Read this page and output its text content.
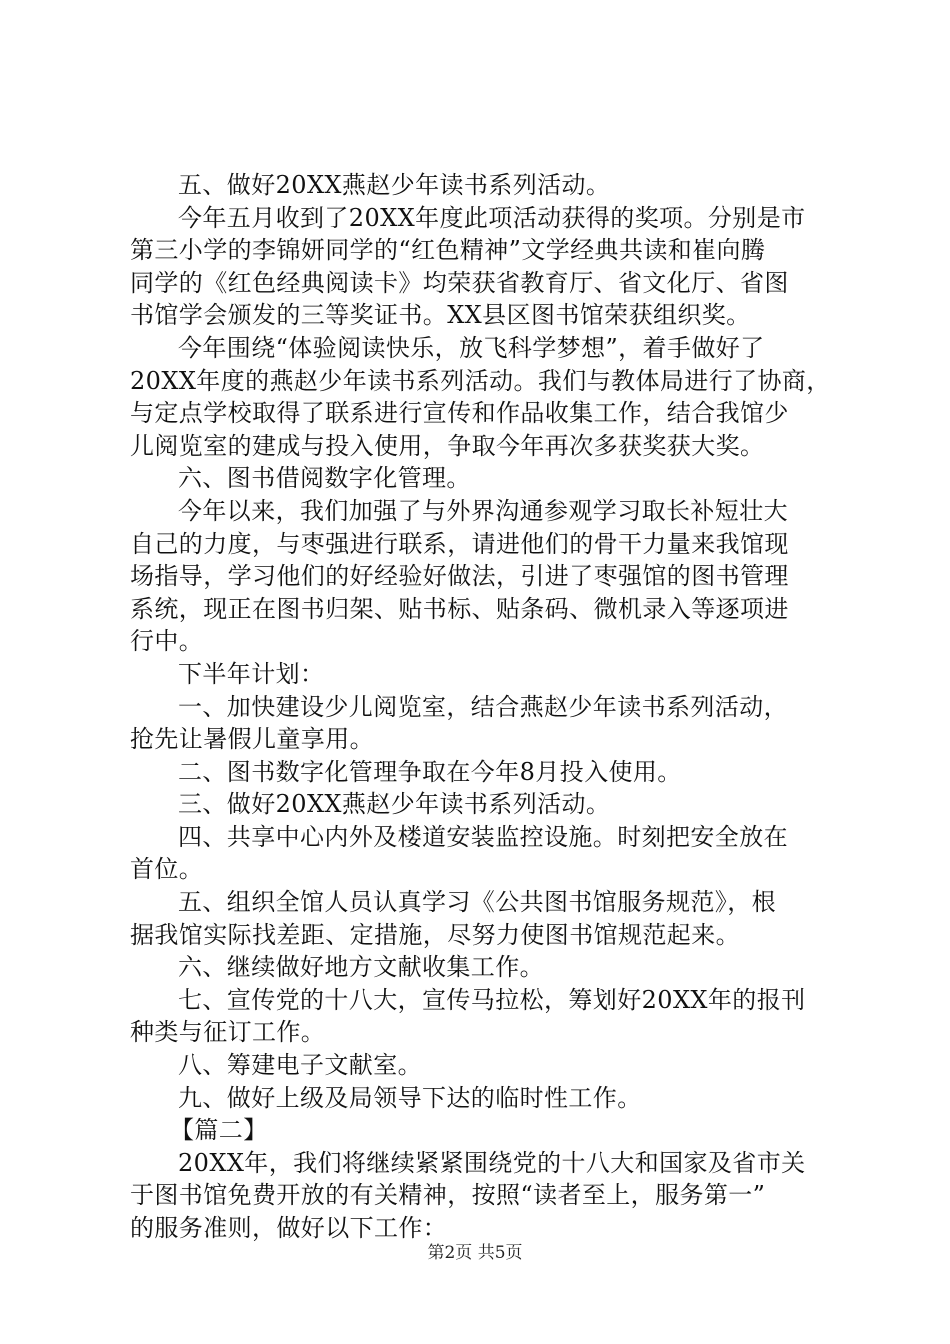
五、做好20XX燕赵少年读书系列活动。
今年五月收到了20XX年度此项活动获得的奖项。分别是市
第三小学的李锦妍同学的“红色精神”文学经典共读和崔向腾
同学的《红色经典阅读卡》均荣获省教育厅、省文化厅、省图
书馆学会颁发的三等奖证书。XX县区图书馆荣获组织奖。
今年围绕“体验阅读快乐，放飞科学梦想”，着手做好了
20XX年度的燕赵少年读书系列活动。我们与教体局进行了协商，
与定点学校取得了联系进行宣传和作品收集工作，结合我馆少
儿阅览室的建成与投入使用，争取今年再次多获奖获大奖。
六、图书借阅数字化管理。
今年以来，我们加强了与外界沟通参观学习取长补短壮大
自己的力度，与枣强进行联系，请进他们的骨干力量来我馆现
场指导，学习他们的好经验好做法，引进了枣强馆的图书管理
系统，现正在图书归架、贴书标、贴条码、微机录入等逐项进
行中。
下半年计划：
一、加快建设少儿阅览室，结合燕赵少年读书系列活动，
抢先让暑假儿童享用。
二、图书数字化管理争取在今年8月投入使用。
三、做好20XX燕赵少年读书系列活动。
四、共享中心内外及楼道安装监控设施。时刻把安全放在
首位。
五、组织全馆人员认真学习《公共图书馆服务规范》，根
据我馆实际找差距、定措施，尽努力使图书馆规范起来。
六、继续做好地方文献收集工作。
七、宣传党的十八大，宣传马拉松，筹划好20XX年的报刊
种类与征订工作。
八、筹建电子文献室。
九、做好上级及局领导下达的临时性工作。
【篇二】
20XX年，我们将继续紧紧围绕党的十八大和国家及省市关
于图书馆免费开放的有关精神，按照“读者至上，服务第一”
的服务准则，做好以下工作：
第2页 共5页
